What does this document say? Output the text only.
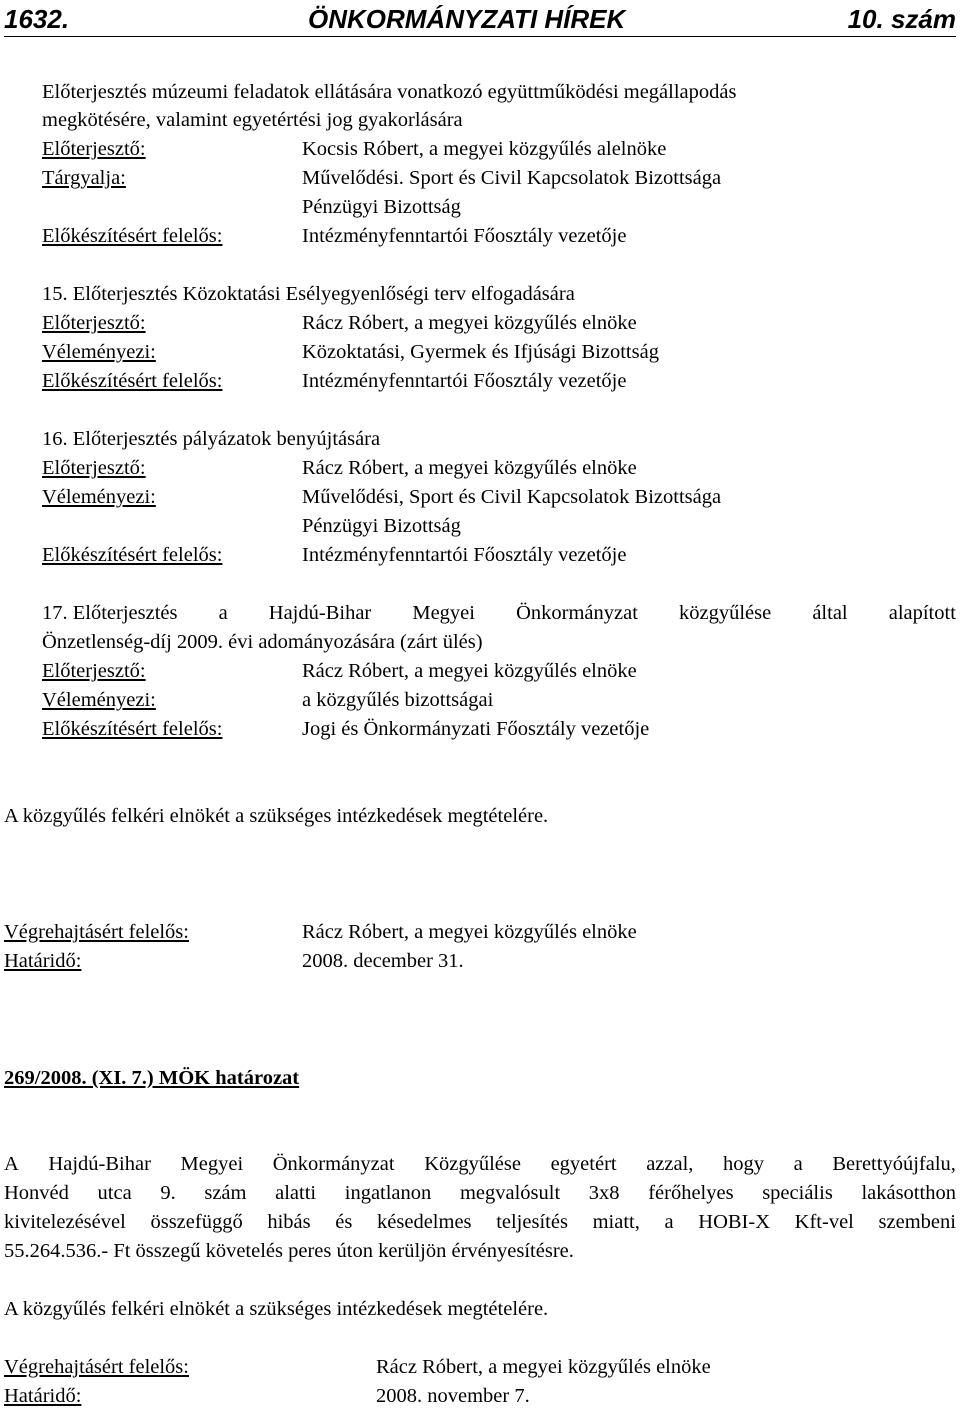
1632.	ÖNKORMÁNYZATI HÍREK	10. szám
Előterjesztés múzeumi feladatok ellátására vonatkozó együttműködési megállapodás
megkötésére, valamint egyetértési jog gyakorlására
Előterjesztő:	Kocsis Róbert, a megyei közgyűlés alelnöke
Tárgyalja:	Művelődési. Sport és Civil Kapcsolatok Bizottsága
Pénzügyi Bizottság
Előkészítésért felelős:	Intézményfenntartói Főosztály vezetője
15. Előterjesztés Közoktatási Esélyegyenlőségi terv elfogadására
Előterjesztő:	Rácz Róbert, a megyei közgyűlés elnöke
Véleményezi:	Közoktatási, Gyermek és Ifjúsági Bizottság
Előkészítésért felelős:	Intézményfenntartói Főosztály vezetője
16. Előterjesztés pályázatok benyújtására
Előterjesztő:	Rácz Róbert, a megyei közgyűlés elnöke
Véleményezi:	Művelődési, Sport és Civil Kapcsolatok Bizottsága
Pénzügyi Bizottság
Előkészítésért felelős:	Intézményfenntartói Főosztály vezetője
17. Előterjesztés a Hajdú-Bihar Megyei Önkormányzat közgyűlése által alapított
Önzetlenség-díj 2009. évi adományozására (zárt ülés)
Előterjesztő:	Rácz Róbert, a megyei közgyűlés elnöke
Véleményezi:	a közgyűlés bizottságai
Előkészítésért felelős:	Jogi és Önkormányzati Főosztály vezetője
A közgyűlés felkéri elnökét a szükséges intézkedések megtételére.
Végrehajtásért felelős:	Rácz Róbert, a megyei közgyűlés elnöke
Határidő:	2008. december 31.
269/2008. (XI. 7.) MÖK határozat
A Hajdú-Bihar Megyei Önkormányzat Közgyűlése egyetért azzal, hogy a Berettyóújfalu,
Honvéd utca 9. szám alatti ingatlanon megvalósult 3x8 férőhelyes speciális lakásotthon
kivitelezésével összefüggő hibás és késedelmes teljesítés miatt, a HOBI-X Kft-vel szembeni
55.264.536.- Ft összegű követelés peres úton kerüljön érvényesítésre.
A közgyűlés felkéri elnökét a szükséges intézkedések megtételére.
Végrehajtásért felelős:	Rácz Róbert, a megyei közgyűlés elnöke
Határidő:	2008. november 7.
